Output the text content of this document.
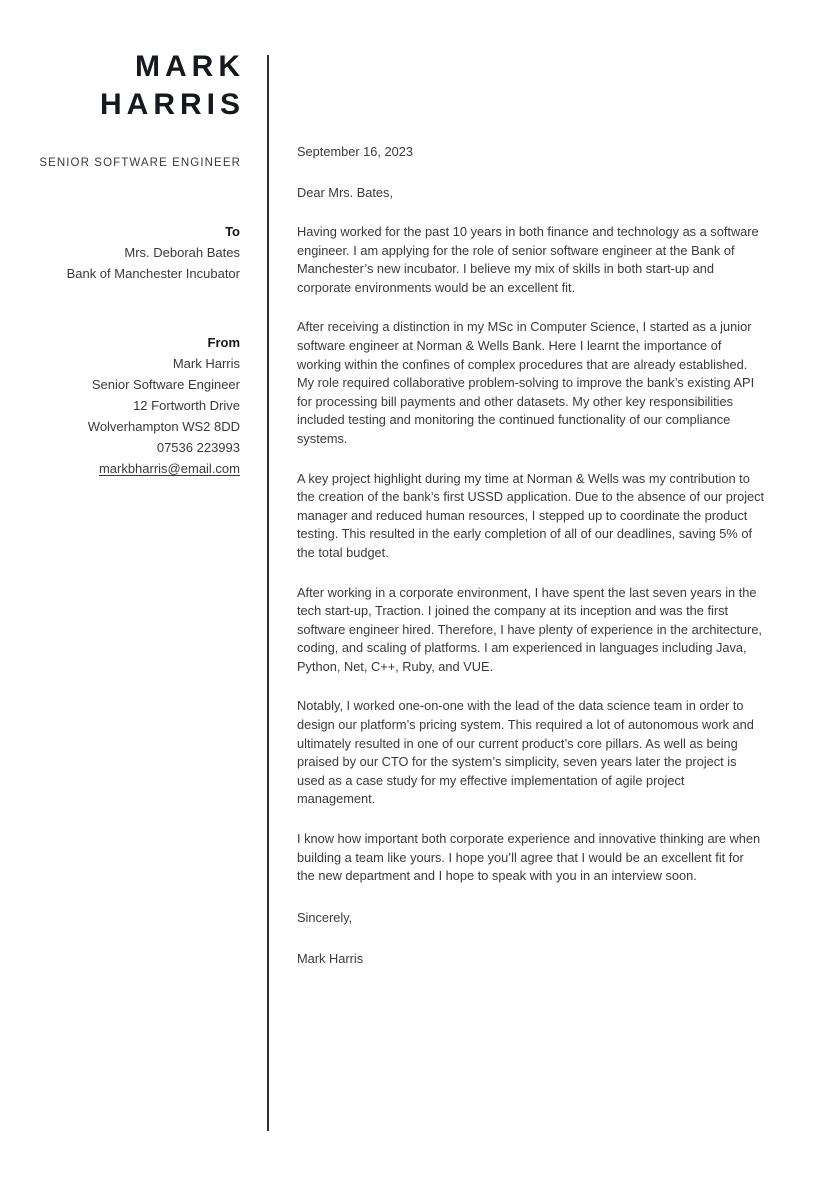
MARK
HARRIS
SENIOR SOFTWARE ENGINEER
To
Mrs. Deborah Bates
Bank of Manchester Incubator
From
Mark Harris
Senior Software Engineer
12 Fortworth Drive
Wolverhampton WS2 8DD
07536 223993
markbharris@email.com
September 16, 2023
Dear Mrs. Bates,

Having worked for the past 10 years in both finance and technology as a software engineer. I am applying for the role of senior software engineer at the Bank of Manchester’s new incubator. I believe my mix of skills in both start-up and corporate environments would be an excellent fit.

After receiving a distinction in my MSc in Computer Science, I started as a junior software engineer at Norman & Wells Bank. Here I learnt the importance of working within the confines of complex procedures that are already established. My role required collaborative problem-solving to improve the bank’s existing API for processing bill payments and other datasets. My other key responsibilities included testing and monitoring the continued functionality of our compliance systems.

A key project highlight during my time at Norman & Wells was my contribution to the creation of the bank’s first USSD application. Due to the absence of our project manager and reduced human resources, I stepped up to coordinate the product testing. This resulted in the early completion of all of our deadlines, saving 5% of the total budget.

After working in a corporate environment, I have spent the last seven years in the tech start-up, Traction. I joined the company at its inception and was the first software engineer hired. Therefore, I have plenty of experience in the architecture, coding, and scaling of platforms. I am experienced in languages including Java, Python, Net, C++, Ruby, and VUE.

Notably, I worked one-on-one with the lead of the data science team in order to design our platform’s pricing system. This required a lot of autonomous work and ultimately resulted in one of our current product’s core pillars. As well as being praised by our CTO for the system’s simplicity, seven years later the project is used as a case study for my effective implementation of agile project management.

I know how important both corporate experience and innovative thinking are when building a team like yours. I hope you’ll agree that I would be an excellent fit for the new department and I hope to speak with you in an interview soon.

Sincerely,
Mark Harris
